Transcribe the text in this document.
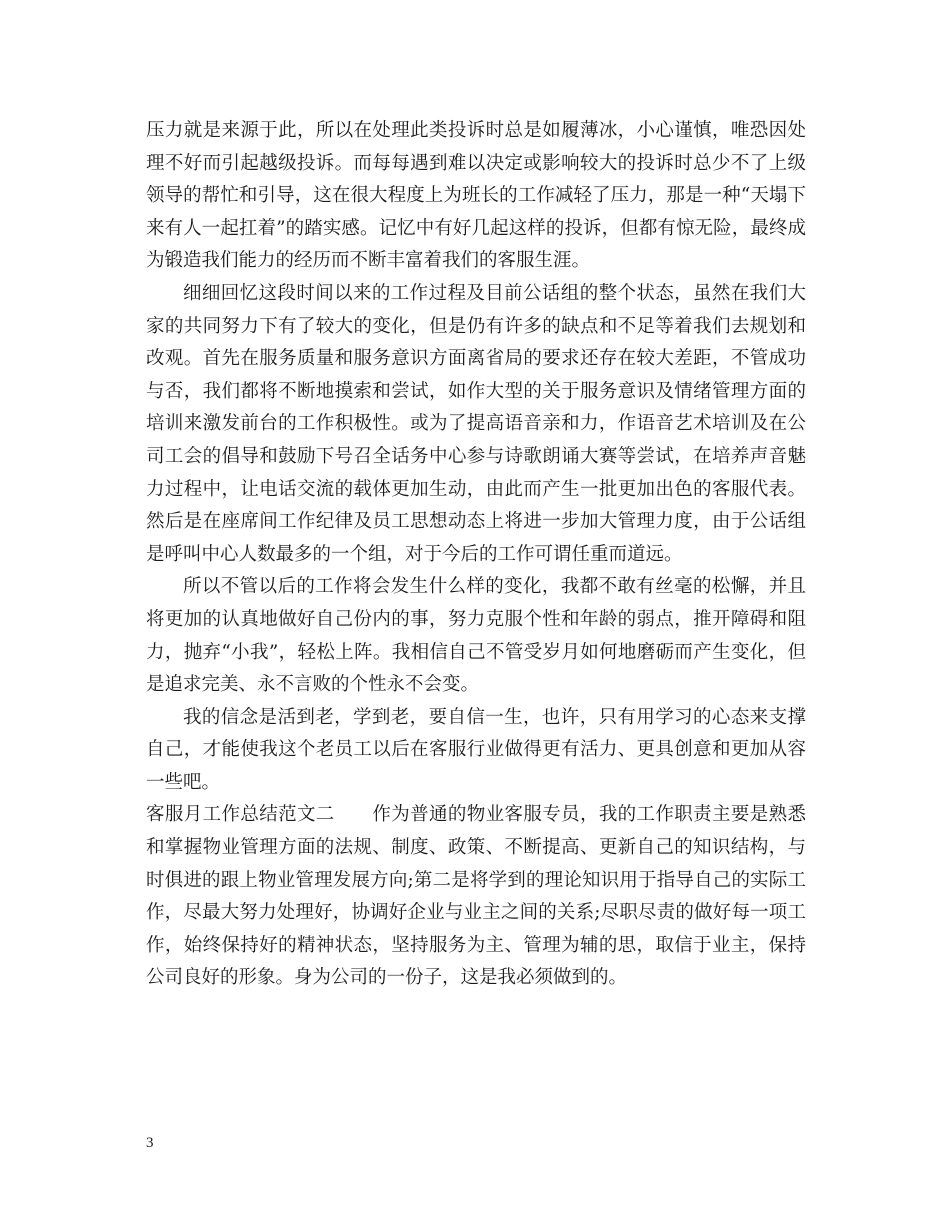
压力就是来源于此，所以在处理此类投诉时总是如履薄冰，小心谨慎，唯恐因处理不好而引起越级投诉。而每每遇到难以决定或影响较大的投诉时总少不了上级领导的帮忙和引导，这在很大程度上为班长的工作减轻了压力，那是一种“天塌下来有人一起扛着”的踏实感。记忆中有好几起这样的投诉，但都有惊无险，最终成为锻造我们能力的经历而不断丰富着我们的客服生涯。

细细回忆这段时间以来的工作过程及目前公话组的整个状态，虽然在我们大家的共同努力下有了较大的变化，但是仍有许多的缺点和不足等着我们去规划和改观。首先在服务质量和服务意识方面离省局的要求还存在较大差距，不管成功与否，我们都将不断地摸索和尝试，如作大型的关于服务意识及情绪管理方面的培训来激发前台的工作积极性。或为了提高语音亲和力，作语音艺术培训及在公司工会的倡导和鼓励下号召全话务中心参与诗歌朗诵大赛等尝试，在培养声音魅力过程中，让电话交流的载体更加生动，由此而产生一批更加出色的客服代表。然后是在座席间工作纪律及员工思想动态上将进一步加大管理力度，由于公话组是呼叫中心人数最多的一个组，对于今后的工作可谓任重而道远。

所以不管以后的工作将会发生什么样的变化，我都不敢有丝毫的松懈，并且将更加的认真地做好自己份内的事，努力克服个性和年龄的弱点，推开障碍和阻力，抛弃“小我”，轻松上阵。我相信自己不管受岁月如何地磨砺而产生变化，但是追求完美、永不言败的个性永不会变。

我的信念是活到老，学到老，要自信一生，也许，只有用学习的心态来支撑自己，才能使我这个老员工以后在客服行业做得更有活力、更具创意和更加从容一些吧。

客服月工作总结范文二　　作为普通的物业客服专员，我的工作职责主要是熟悉和掌握物业管理方面的法规、制度、政策、不断提高、更新自己的知识结构，与时俱进的跟上物业管理发展方向;第二是将学到的理论知识用于指导自己的实际工作，尽最大努力处理好，协调好企业与业主之间的关系;尽职尽责的做好每一项工作，始终保持好的精神状态，坚持服务为主、管理为辅的思，取信于业主，保持公司良好的形象。身为公司的一份子，这是我必须做到的。

3
